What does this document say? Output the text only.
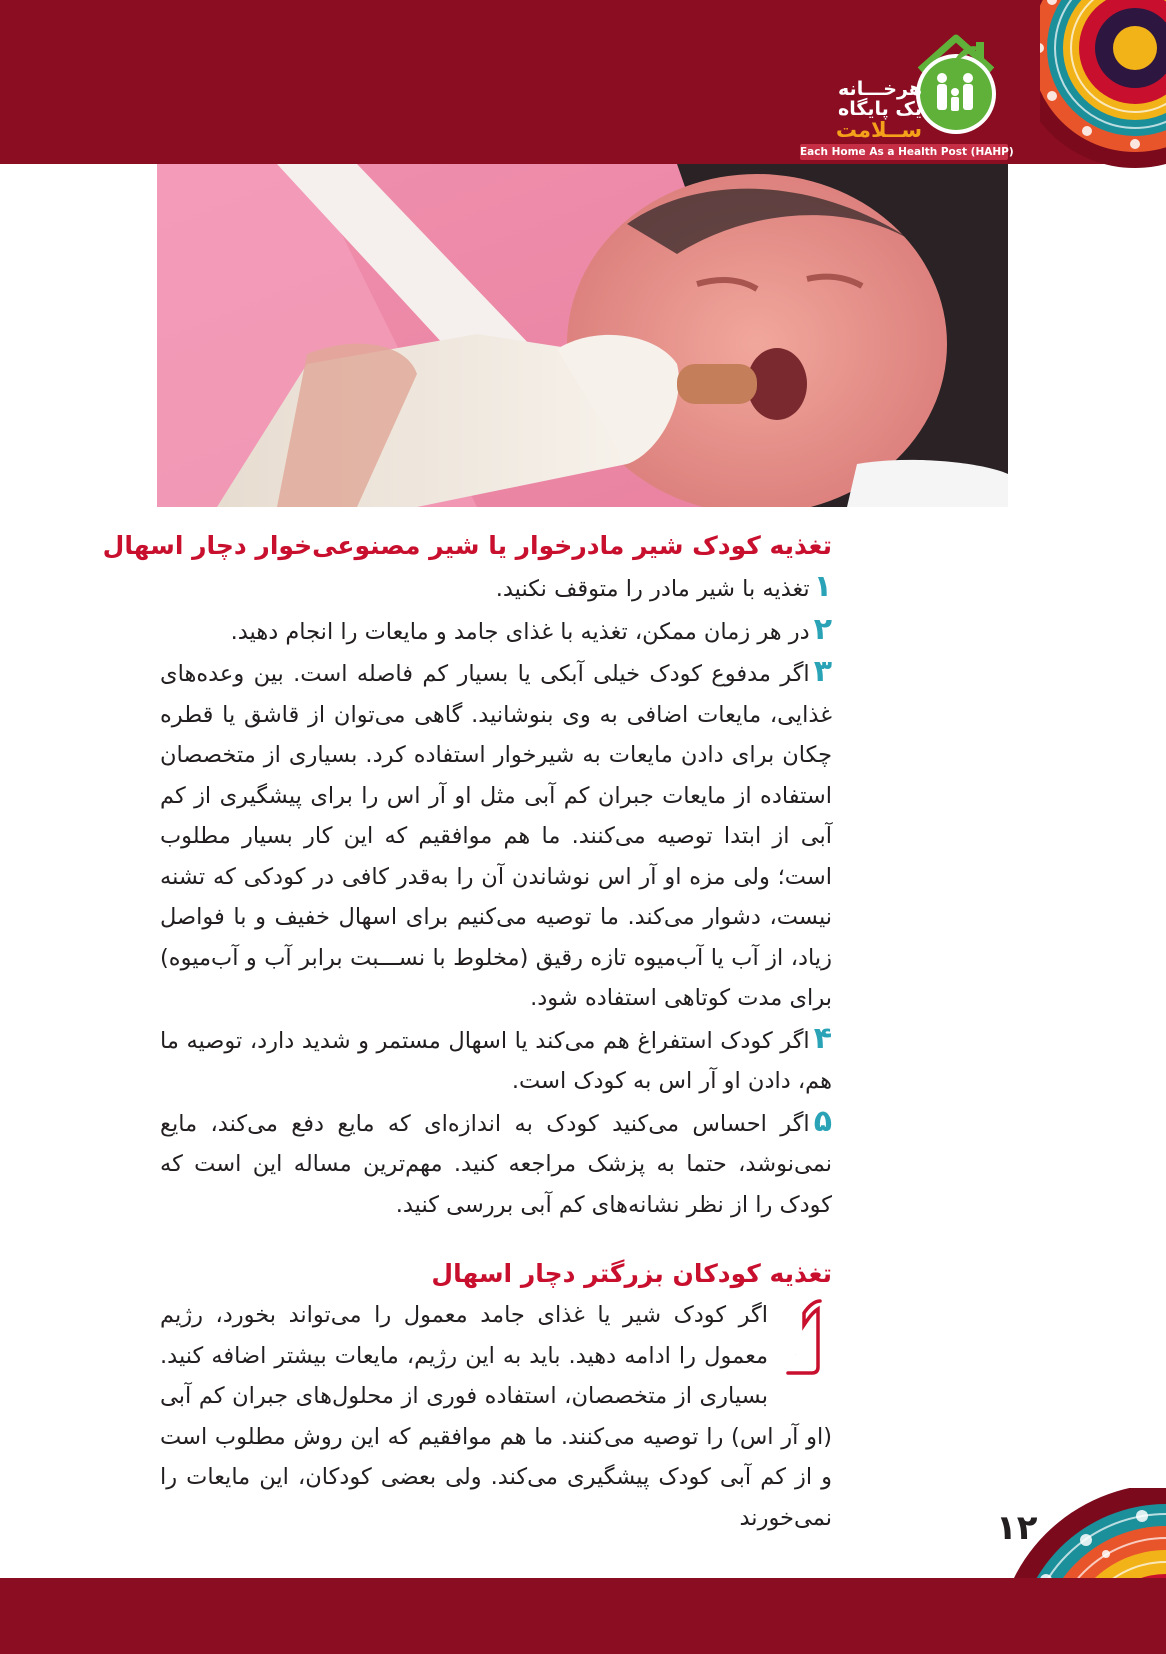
هرخـــانه
یک پایگاه
ســلامت
Each Home As a Health Post (HAHP)
تغذیه کودک شیر مادرخوار یا شیر مصنوعی‌خوار دچار اسهال

۱تغذیه با شیر مادر را متوقف نکنید.

۲در هر زمان ممکن، تغذیه با غذای جامد و مایعات را انجام دهید.

۳اگر مدفوع کودک خیلی آبکی یا بسیار کم فاصله است. بین وعده‌های غذایی، مایعات اضافی به وی بنوشانید. گاهی می‌توان از قاشق یا قطره چکان برای دادن مایعات به شیرخوار استفاده کرد. بسیاری از متخصصان استفاده از مایعات جبران کم آبی مثل او آر اس را برای پیشگیری از کم آبی از ابتدا توصیه می‌کنند. ما هم موافقیم که این کار بسیار مطلوب است؛ ولی مزه او آر اس نوشاندن آن را به‌قدر کافی در کودکی که تشنه نیست، دشوار می‌کند. ما توصیه می‌کنیم برای اسهال خفیف و با فواصل زیاد، از آب یا آب‌میوه تازه رقیق (مخلوط با نســـبت برابر آب و آب‌میوه) برای مدت کوتاهی استفاده شود.

۴اگر کودک استفراغ هم می‌کند یا اسهال مستمر و شدید دارد، توصیه ما هم، دادن او آر اس به کودک است.

۵اگر احساس می‌کنید کودک به اندازه‌ای که مایع دفع می‌کند، مایع نمی‌نوشد، حتما به پزشک مراجعه کنید. مهم‌ترین مساله این است که کودک را از نظر نشانه‌های کم آبی بررسی کنید.

تغذیه کودکان بزرگتر دچار اسهال

۱
اگر کودک شیر یا غذای جامد معمول را می‌تواند بخورد، رژیم معمول را ادامه دهید. باید به این رژیم، مایعات بیشتر اضافه کنید. بسیاری از متخصصان، استفاده فوری از محلول‌های جبران کم آبی (او آر اس) را توصیه می‌کنند. ما هم موافقیم که این روش مطلوب است و از کم آبی کودک پیشگیری می‌کند. ولی بعضی کودکان، این مایعات را نمی‌خورند	۱۲
